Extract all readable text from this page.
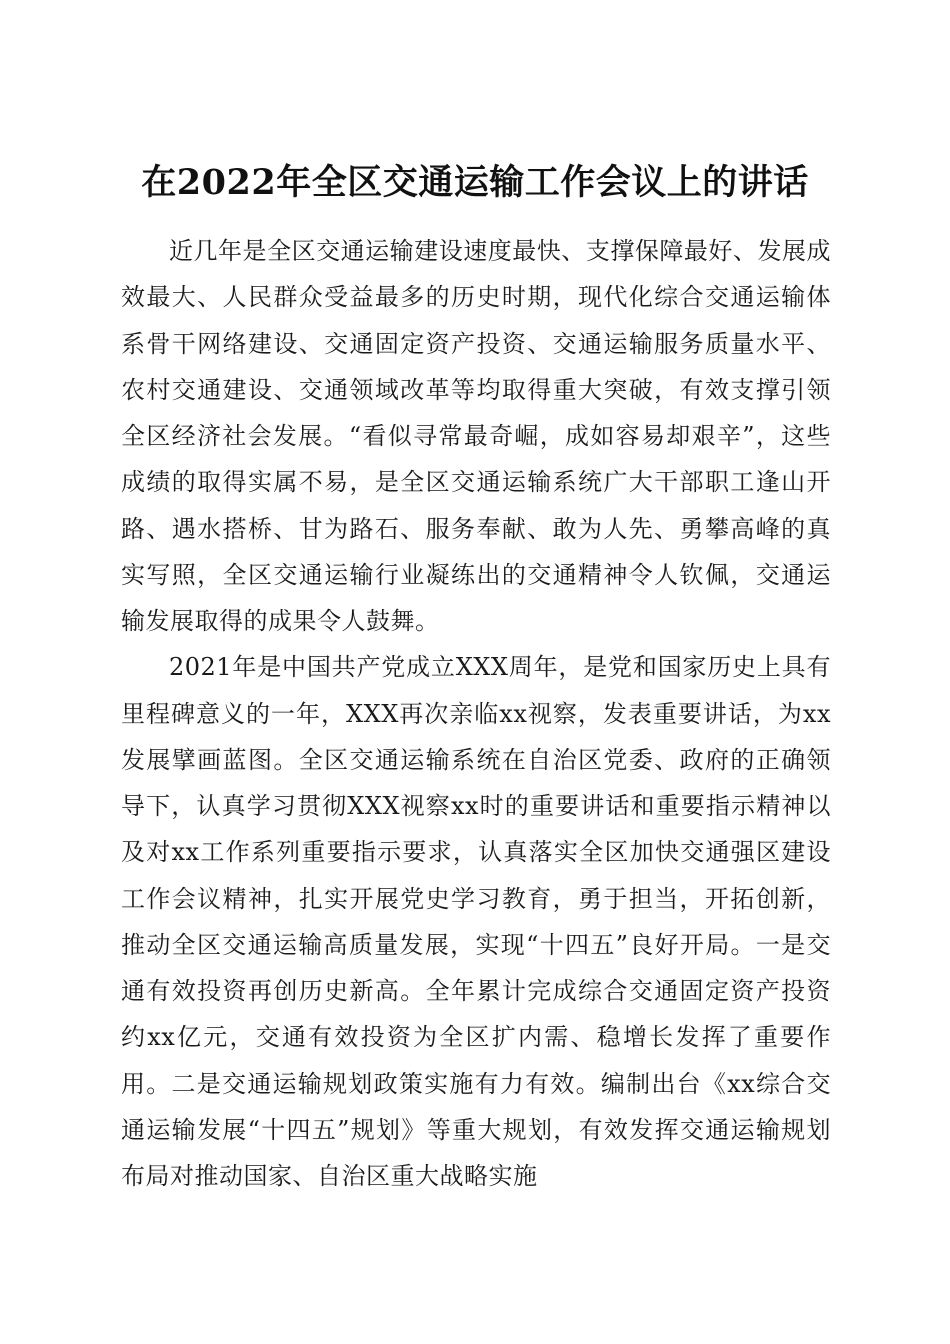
在2022年全区交通运输工作会议上的讲话

近几年是全区交通运输建设速度最快、支撑保障最好、发展成效最大、人民群众受益最多的历史时期，现代化综合交通运输体系骨干网络建设、交通固定资产投资、交通运输服务质量水平、农村交通建设、交通领域改革等均取得重大突破，有效支撑引领全区经济社会发展。“看似寻常最奇崛，成如容易却艰辛”，这些成绩的取得实属不易，是全区交通运输系统广大干部职工逢山开路、遇水搭桥、甘为路石、服务奉献、敢为人先、勇攀高峰的真实写照，全区交通运输行业凝练出的交通精神令人钦佩，交通运输发展取得的成果令人鼓舞。

2021年是中国共产党成立XXX周年，是党和国家历史上具有里程碑意义的一年，XXX再次亲临xx视察，发表重要讲话，为xx发展擘画蓝图。全区交通运输系统在自治区党委、政府的正确领导下，认真学习贯彻XXX视察xx时的重要讲话和重要指示精神以及对xx工作系列重要指示要求，认真落实全区加快交通强区建设工作会议精神，扎实开展党史学习教育，勇于担当，开拓创新，推动全区交通运输高质量发展，实现“十四五”良好开局。一是交通有效投资再创历史新高。全年累计完成综合交通固定资产投资约xx亿元，交通有效投资为全区扩内需、稳增长发挥了重要作用。二是交通运输规划政策实施有力有效。编制出台《xx综合交通运输发展“十四五”规划》等重大规划，有效发挥交通运输规划布局对推动国家、自治区重大战略实施
